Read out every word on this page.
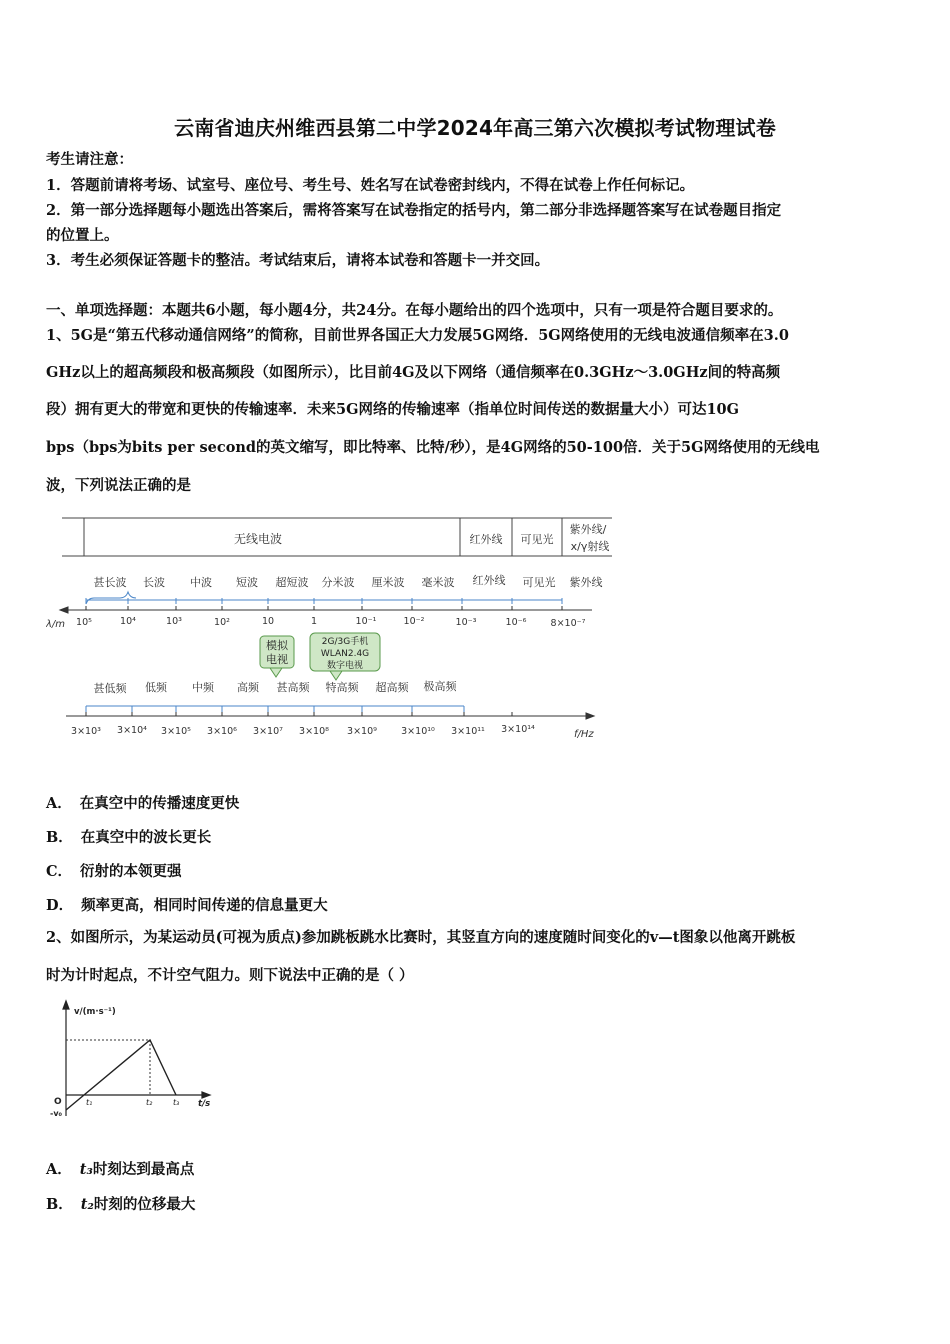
云南省迪庆州维西县第二中学2024年高三第六次模拟考试物理试卷
考生请注意：
1．答题前请将考场、试室号、座位号、考生号、姓名写在试卷密封线内，不得在试卷上作任何标记。
2．第一部分选择题每小题选出答案后，需将答案写在试卷指定的括号内，第二部分非选择题答案写在试卷题目指定
的位置上。
3．考生必须保证答题卡的整洁。考试结束后，请将本试卷和答题卡一并交回。
一、单项选择题：本题共6小题，每小题4分，共24分。在每小题给出的四个选项中，只有一项是符合题目要求的。
1、5G是“第五代移动通信网络”的简称，目前世界各国正大力发展5G网络．5G网络使用的无线电波通信频率在3.0
GHz以上的超高频段和极高频段（如图所示），比目前4G及以下网络（通信频率在0.3GHz～3.0GHz间的特高频
段）拥有更大的带宽和更快的传输速率．未来5G网络的传输速率（指单位时间传送的数据量大小）可达10G
bps（bps为bits per second的英文缩写，即比特率、比特/秒），是4G网络的50-100倍．关于5G网络使用的无线电
波，下列说法正确的是
无线电波	红外线 可见光
紫外线/
x/γ射线
甚长波 长波 中波 短波 超短波 分米波 厘米波 毫米波 红外线 可见光 紫外线
λ/m 10⁵	10⁴	10³	10²	10	1	10⁻¹	10⁻²	10⁻³	10⁻⁶	8×10⁻⁷
模拟
电视
2G/3G手机
WLAN2.4G
数字电视
甚低频 低频 中频 高频 甚高频 特高频 超高频 极高频
3×10³ 3×10⁴ 3×10⁵ 3×10⁶ 3×10⁷ 3×10⁸ 3×10⁹	3×10¹⁰ 3×10¹¹ 3×10¹⁴	f/Hz
A． 在真空中的传播速度更快
B． 在真空中的波长更长
C． 衍射的本领更强
D． 频率更高，相同时间传递的信息量更大
2、如图所示，为某运动员(可视为质点)参加跳板跳水比赛时，其竖直方向的速度随时间变化的v—t图象以他离开跳板
时为计时起点，不计空气阻力。则下说法中正确的是（ ）
v/(m·s⁻¹)
t/s
O
-v₀
t₁	t₂	t₃
A． t₃时刻达到最高点
B． t₂时刻的位移最大
